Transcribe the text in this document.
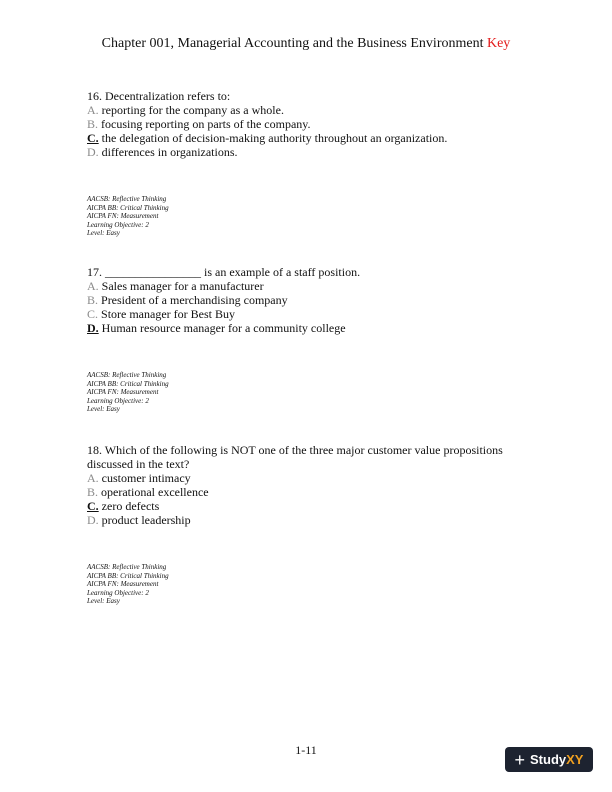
Chapter 001, Managerial Accounting and the Business Environment Key

16. Decentralization refers to:

A. reporting for the company as a whole.

B. focusing reporting on parts of the company.

C. the delegation of decision-making authority throughout an organization.

D. differences in organizations.

AACSB: Reflective Thinking
AICPA BB: Critical Thinking
AICPA FN: Measurement
Learning Objective: 2
Level: Easy

17. ________________ is an example of a staff position.

A. Sales manager for a manufacturer

B. President of a merchandising company

C. Store manager for Best Buy

D. Human resource manager for a community college

AACSB: Reflective Thinking
AICPA BB: Critical Thinking
AICPA FN: Measurement
Learning Objective: 2
Level: Easy

18. Which of the following is NOT one of the three major customer value propositions
discussed in the text?

A. customer intimacy

B. operational excellence

C. zero defects

D. product leadership

AACSB: Reflective Thinking
AICPA BB: Critical Thinking
AICPA FN: Measurement
Learning Objective: 2
Level: Easy
1-11	+ StudyXY
